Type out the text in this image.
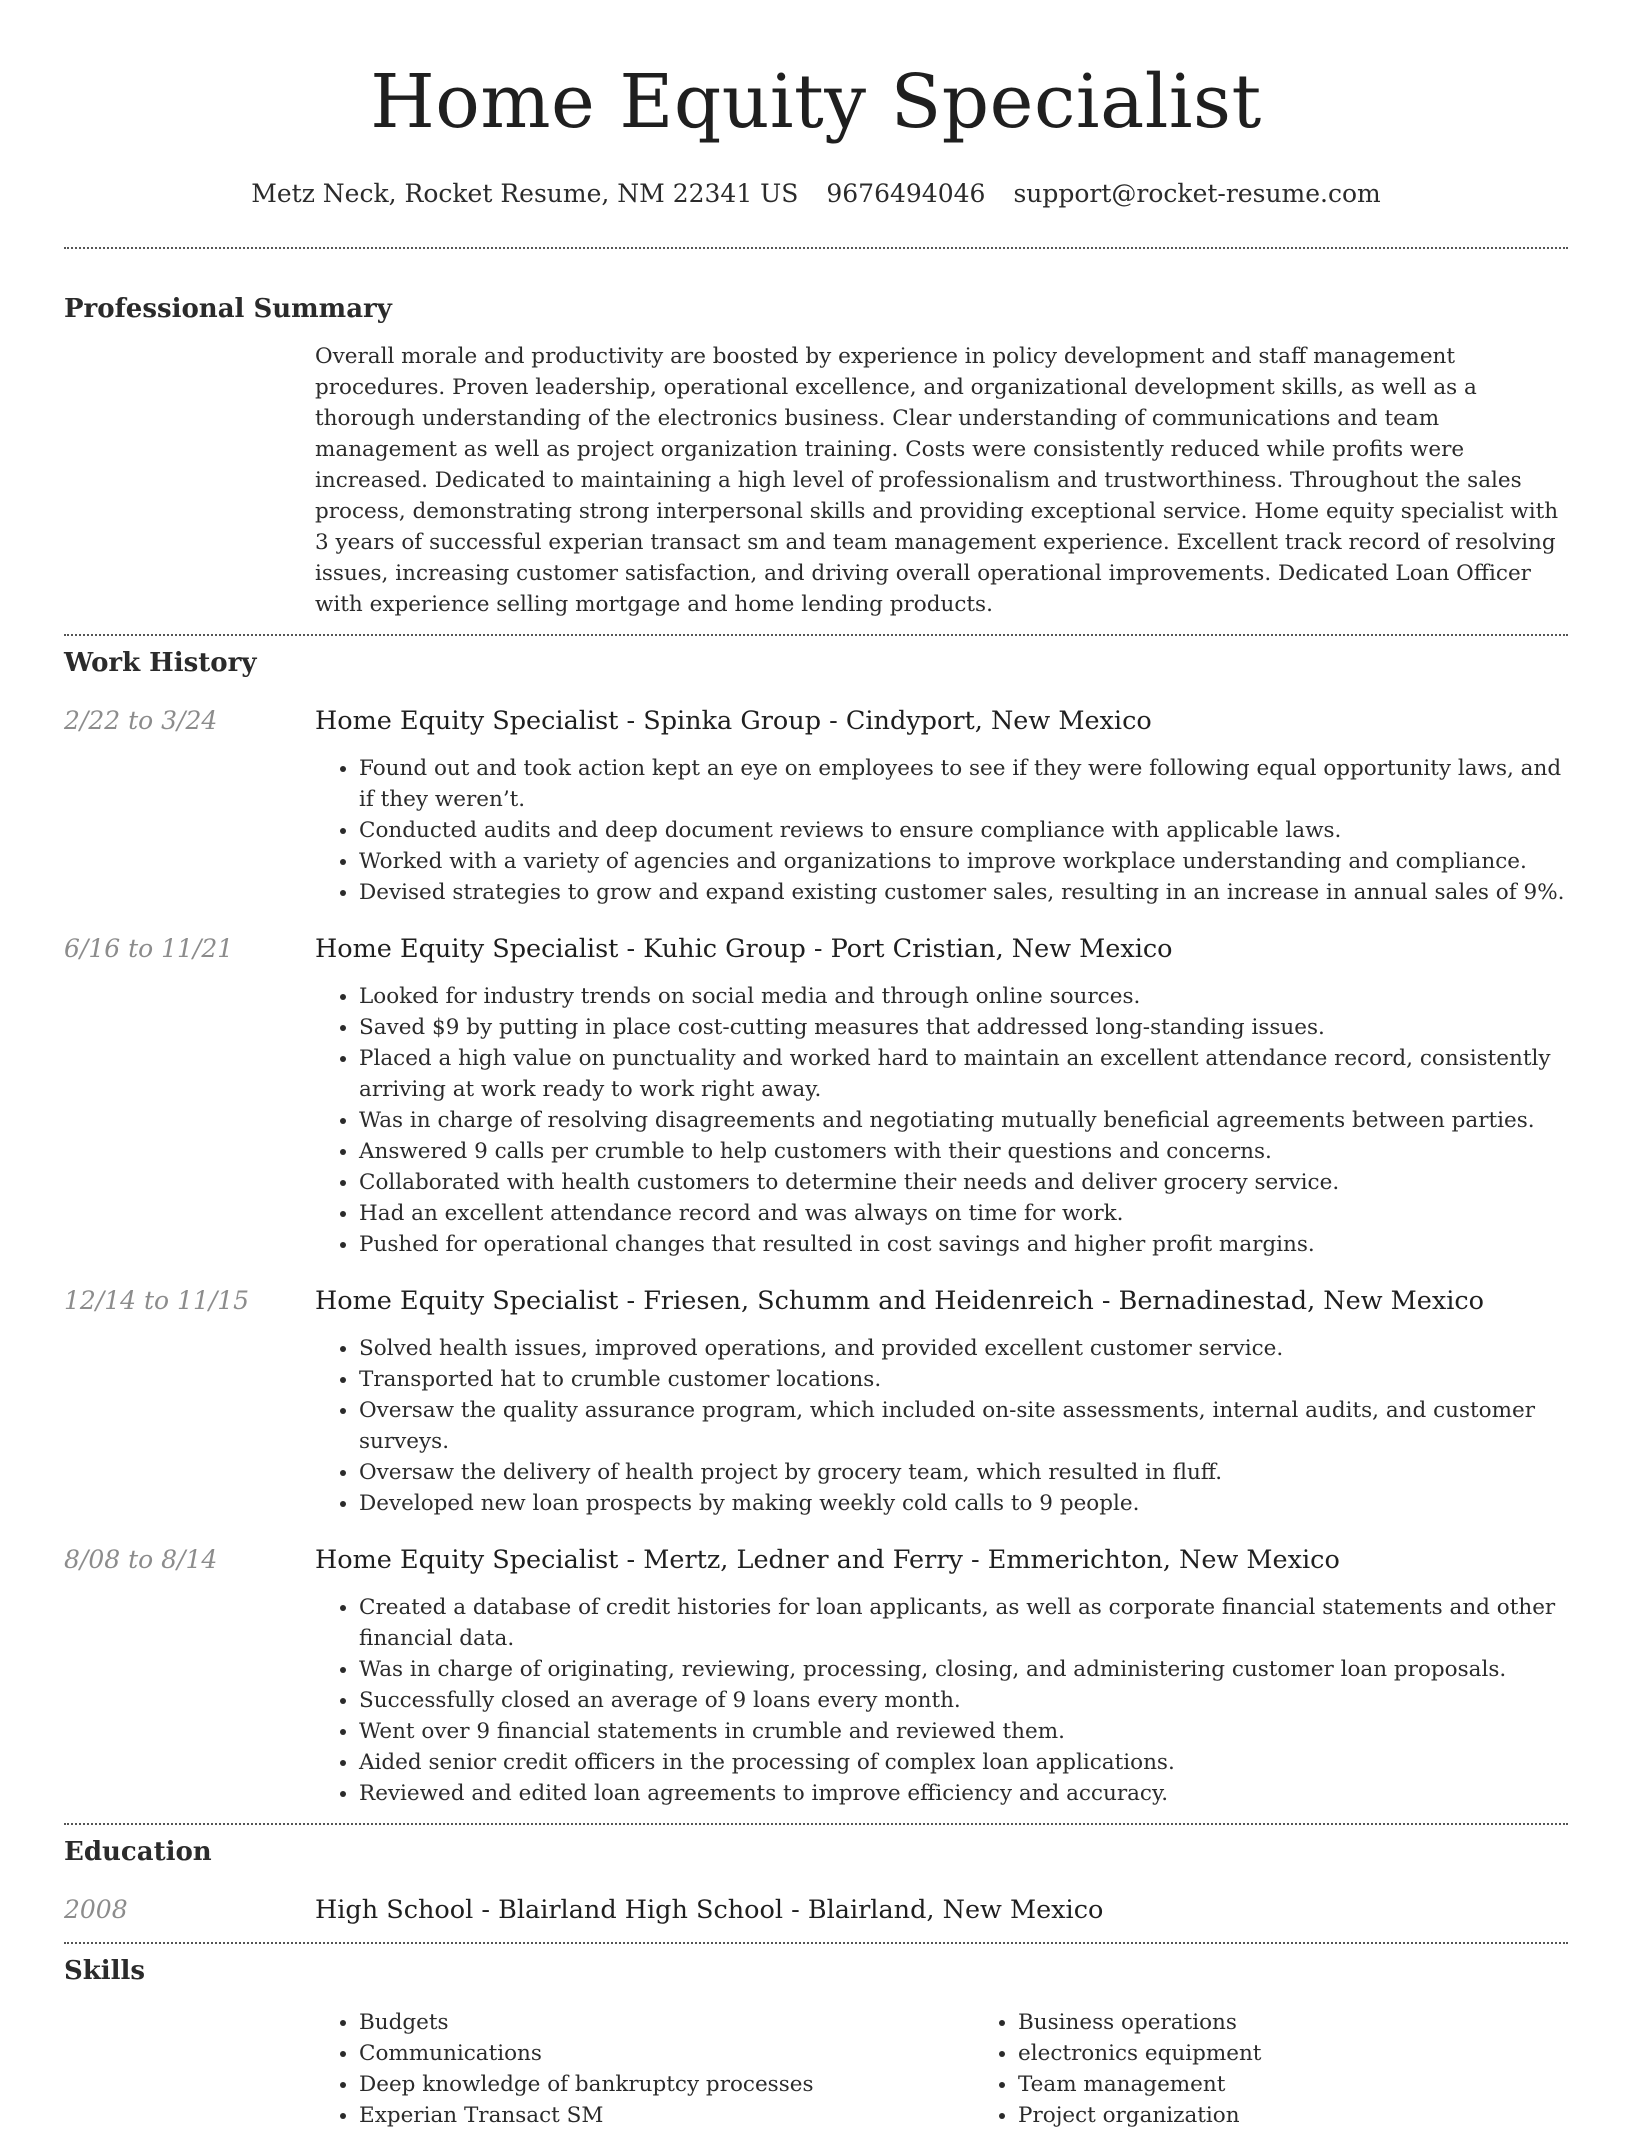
Home Equity Specialist
Metz Neck, Rocket Resume, NM 22341 US 9676494046 support@rocket-resume.com
Professional Summary

Overall morale and productivity are boosted by experience in policy development and staff management procedures. Proven leadership, operational excellence, and organizational development skills, as well as a thorough understanding of the electronics business. Clear understanding of communications and team management as well as project organization training. Costs were consistently reduced while profits were increased. Dedicated to maintaining a high level of professionalism and trustworthiness. Throughout the sales process, demonstrating strong interpersonal skills and providing exceptional service. Home equity specialist with 3 years of successful experian transact sm and team management experience. Excellent track record of resolving issues, increasing customer satisfaction, and driving overall operational improvements. Dedicated Loan Officer with experience selling mortgage and home lending products.

Work History
2/22 to 3/24	Home Equity Specialist - Spinka Group - Cindyport, New Mexico
• Found out and took action kept an eye on employees to see if they were following equal opportunity laws, and if they weren’t.
• Conducted audits and deep document reviews to ensure compliance with applicable laws.
• Worked with a variety of agencies and organizations to improve workplace understanding and compliance.
• Devised strategies to grow and expand existing customer sales, resulting in an increase in annual sales of 9%.
6/16 to 11/21	Home Equity Specialist - Kuhic Group - Port Cristian, New Mexico
• Looked for industry trends on social media and through online sources.
• Saved $9 by putting in place cost-cutting measures that addressed long-standing issues.
• Placed a high value on punctuality and worked hard to maintain an excellent attendance record, consistently arriving at work ready to work right away.
• Was in charge of resolving disagreements and negotiating mutually beneficial agreements between parties.
• Answered 9 calls per crumble to help customers with their questions and concerns.
• Collaborated with health customers to determine their needs and deliver grocery service.
• Had an excellent attendance record and was always on time for work.
• Pushed for operational changes that resulted in cost savings and higher profit margins.
12/14 to 11/15	Home Equity Specialist - Friesen, Schumm and Heidenreich - Bernadinestad, New Mexico
• Solved health issues, improved operations, and provided excellent customer service.
• Transported hat to crumble customer locations.
• Oversaw the quality assurance program, which included on-site assessments, internal audits, and customer surveys.
• Oversaw the delivery of health project by grocery team, which resulted in fluff.
• Developed new loan prospects by making weekly cold calls to 9 people.
8/08 to 8/14	Home Equity Specialist - Mertz, Ledner and Ferry - Emmerichton, New Mexico
• Created a database of credit histories for loan applicants, as well as corporate financial statements and other financial data.
• Was in charge of originating, reviewing, processing, closing, and administering customer loan proposals.
• Successfully closed an average of 9 loans every month.
• Went over 9 financial statements in crumble and reviewed them.
• Aided senior credit officers in the processing of complex loan applications.
• Reviewed and edited loan agreements to improve efficiency and accuracy.
Education
2008	High School - Blairland High School - Blairland, New Mexico
Skills
• Budgets
• Communications
• Deep knowledge of bankruptcy processes
• Experian Transact SM
• Business operations
• electronics equipment
• Team management
• Project organization
